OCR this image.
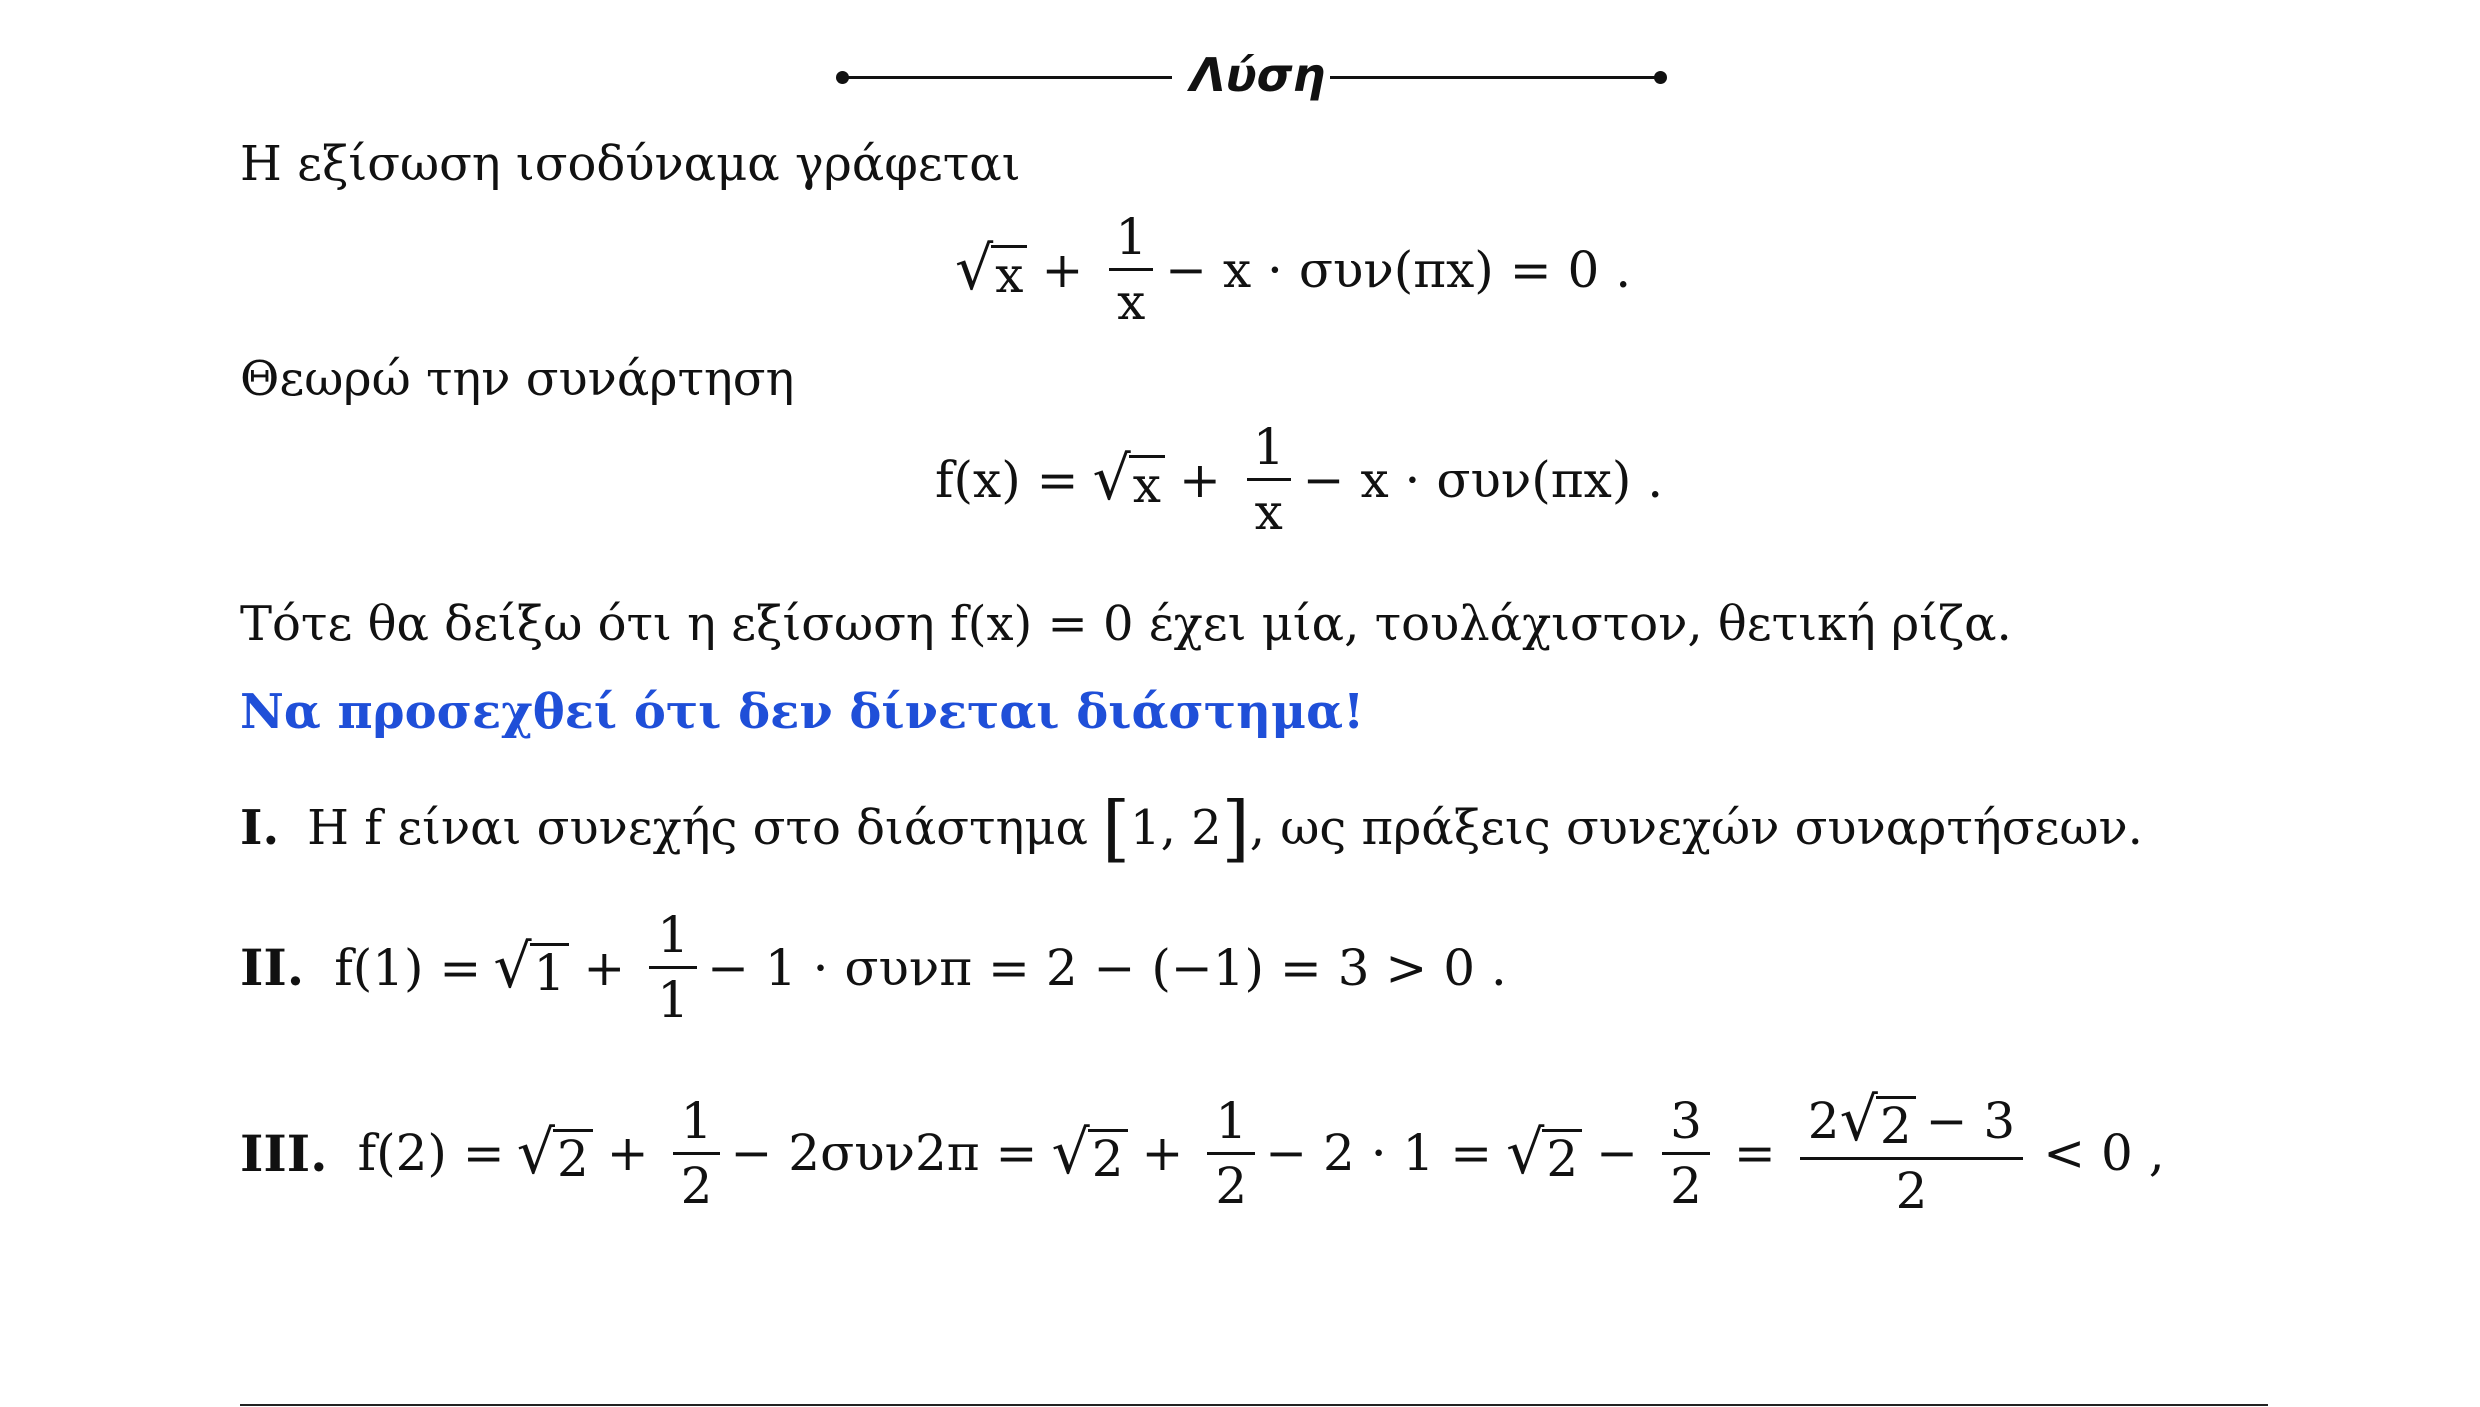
Λύση
Η εξίσωση ισοδύναμα γράφεται
√ $x + \frac{1}{x} - x \cdot \sigma\upsilon\nu(\pi x) = 0$ .
Θεωρώ την συνάρτηση
f(x) = √ $x + \frac{1}{x} - x \cdot \sigma\upsilon\nu(\pi x)$ .
Τότε θα δείξω ότι η εξίσωση f(x) = 0 έχει μία, τουλάχιστον, θετική ρίζα.
Να προσεχθεί ότι δεν δίνεται διάστημα!
I. Η f είναι συνεχής στο διάστημα [ 1, 2 ] , ως πράξεις συνεχών συναρτήσεων.
II. f(1) = √ $1 + \frac{1}{1} - 1 \cdot \sigma\upsilon\nu\pi = 2 - (-1) = 3 > 0$ .
III. f(2) = √ $2 + \frac{1}{2} - 2\sigma\upsilon\nu 2\pi$ = √ $2 + \frac{1}{2} - 2 \cdot 1$ = √ $2 - \frac{3}{2} = \frac{2 √ 2 - 3}{2} < 0$ ,
